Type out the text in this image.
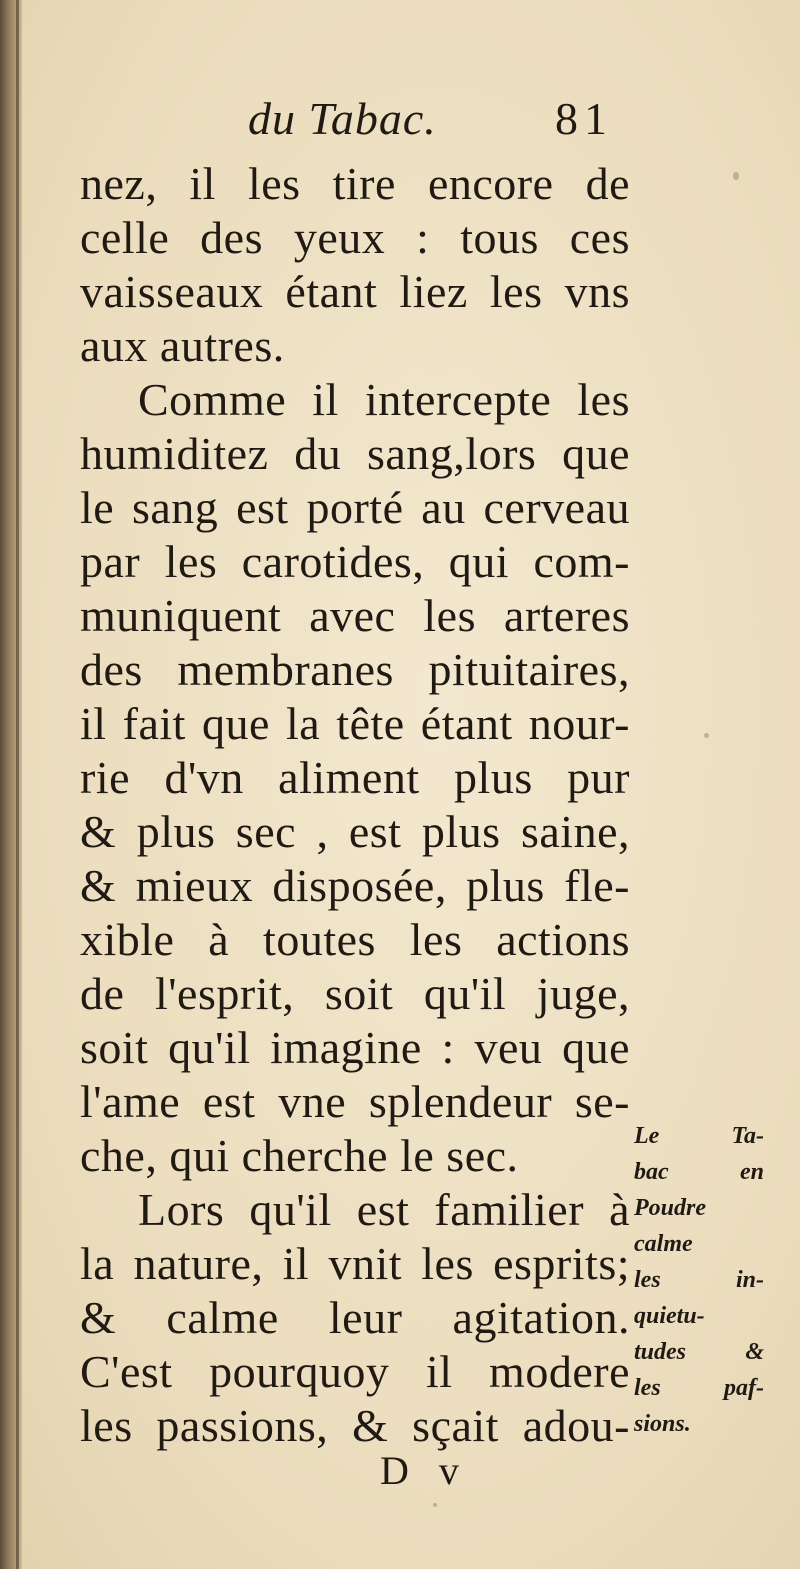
du Tabac.	81
nez, il les tire encore de
celle des yeux : tous ces
vaisseaux étant liez les vns
aux autres.
Comme il intercepte les
humiditez du sang,lors que
le sang est porté au cerveau
par les carotides, qui com-
muniquent avec les arteres
des membranes pituitaires,
il fait que la tête étant nour-
rie d'vn aliment plus pur
& plus sec , est plus saine,
& mieux disposée, plus fle-
xible à toutes les actions
de l'esprit, soit qu'il juge,
soit qu'il imagine : veu que
l'ame est vne splendeur se-
che, qui cherche le sec.
Lors qu'il est familier à
la nature, il vnit les esprits;
& calme leur agitation.
C'est pourquoy il modere
les passions, & sçait adou-
Le Ta-
bac en
Poudre
calme
les in-
quietu-
tudes &
les paf-
sions.
D v
